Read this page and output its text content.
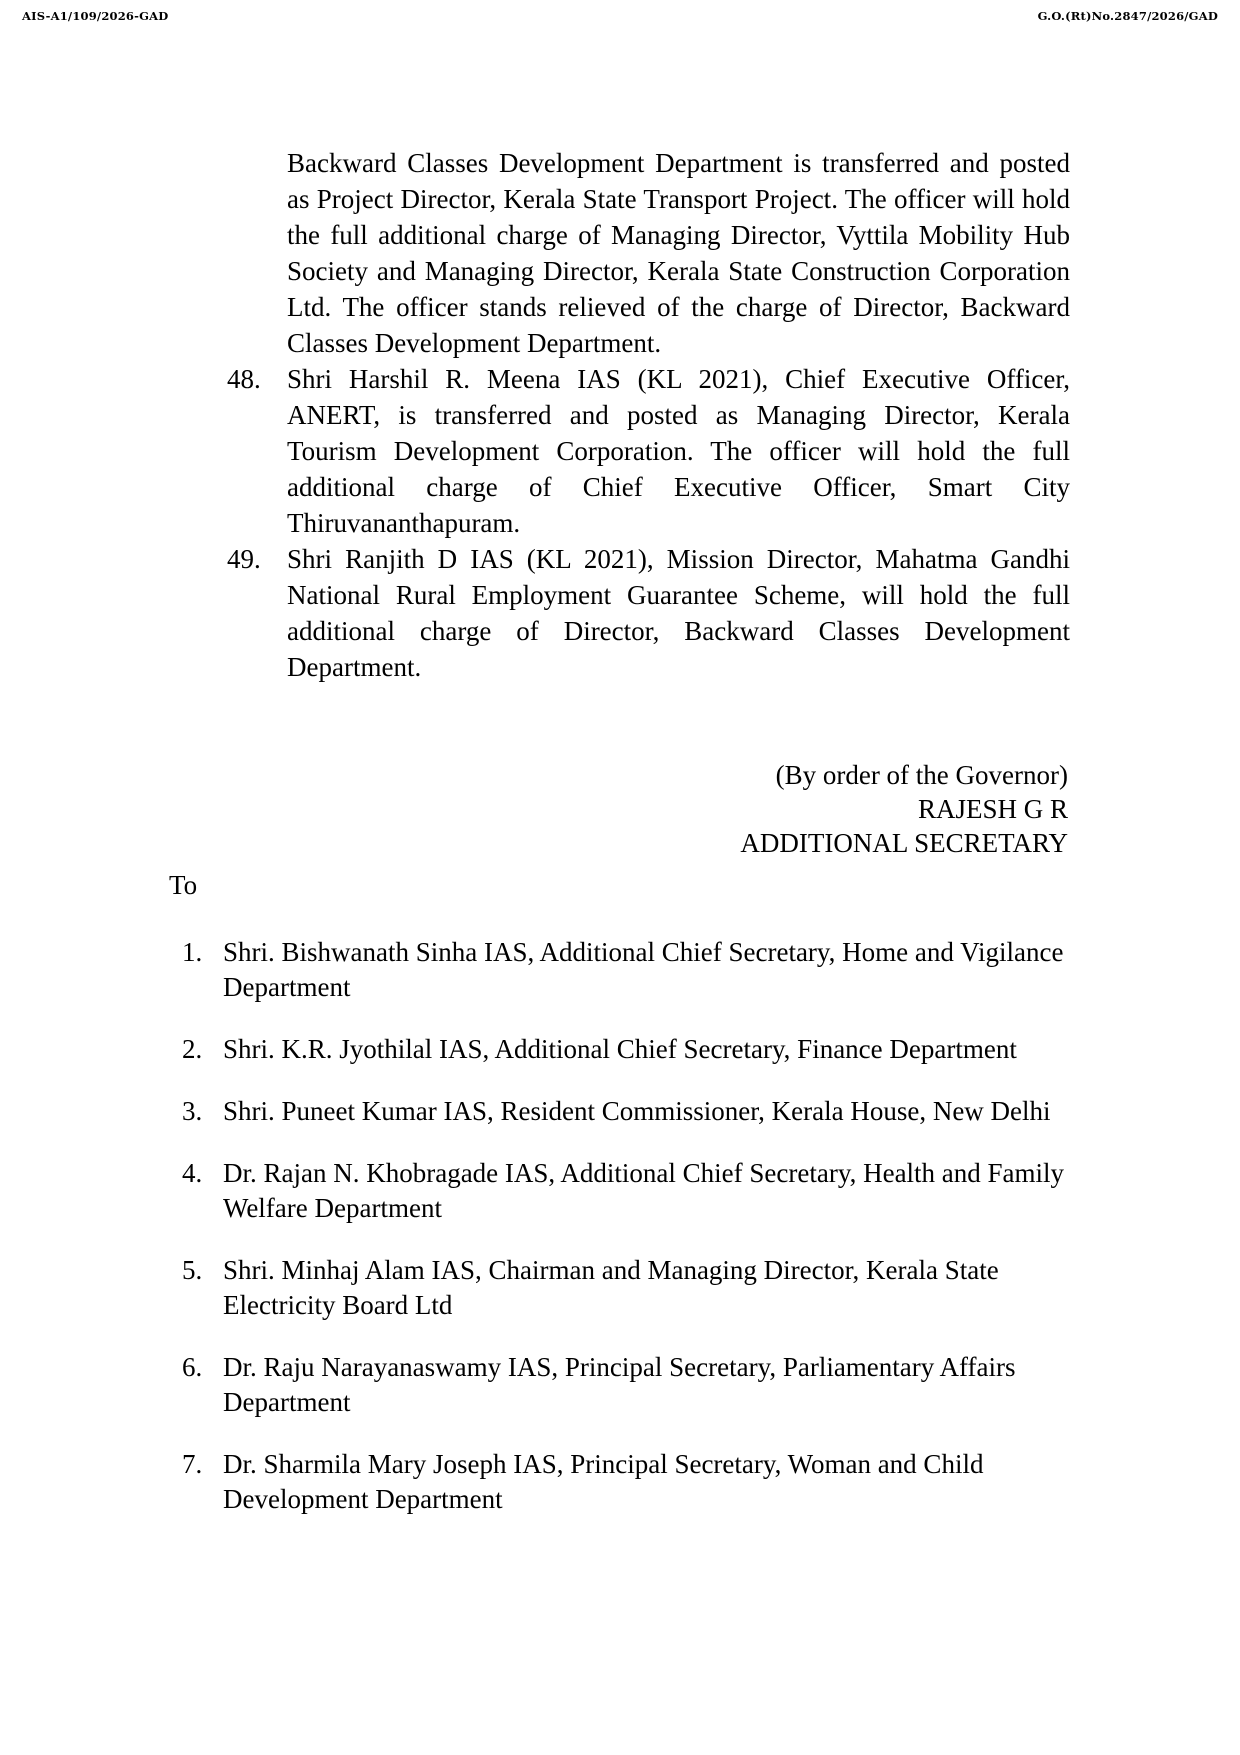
AIS-A1/109/2026-GAD	G.O.(Rt)No.2847/2026/GAD
Backward Classes Development Department is transferred and posted as Project Director, Kerala State Transport Project. The officer will hold the full additional charge of Managing Director, Vyttila Mobility Hub Society and Managing Director, Kerala State Construction Corporation Ltd. The officer stands relieved of the charge of Director, Backward Classes Development Department.
48. Shri Harshil R. Meena IAS (KL 2021), Chief Executive Officer, ANERT, is transferred and posted as Managing Director, Kerala Tourism Development Corporation. The officer will hold the full additional charge of Chief Executive Officer, Smart City Thiruvananthapuram.
49. Shri Ranjith D IAS (KL 2021), Mission Director, Mahatma Gandhi National Rural Employment Guarantee Scheme, will hold the full additional charge of Director, Backward Classes Development Department.
(By order of the Governor)
RAJESH G R
ADDITIONAL SECRETARY
To
1. Shri. Bishwanath Sinha IAS, Additional Chief Secretary, Home and Vigilance Department
2. Shri. K.R. Jyothilal IAS, Additional Chief Secretary, Finance Department
3. Shri. Puneet Kumar IAS, Resident Commissioner, Kerala House, New Delhi
4. Dr. Rajan N. Khobragade IAS, Additional Chief Secretary, Health and Family Welfare Department
5. Shri. Minhaj Alam IAS, Chairman and Managing Director, Kerala State Electricity Board Ltd
6. Dr. Raju Narayanaswamy IAS, Principal Secretary, Parliamentary Affairs Department
7. Dr. Sharmila Mary Joseph IAS, Principal Secretary, Woman and Child Development Department
